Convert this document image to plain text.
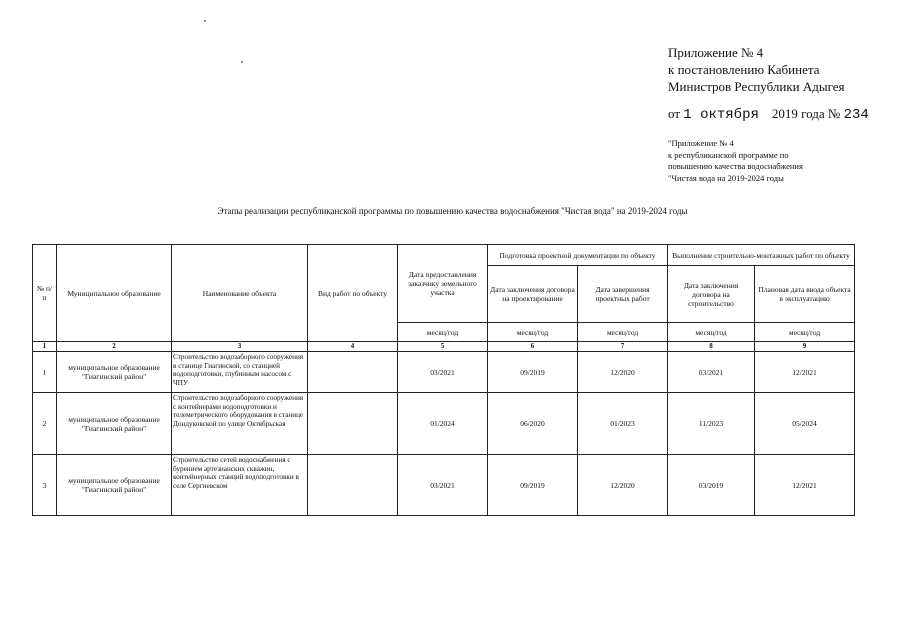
Приложение № 4
к постановлению Кабинета
Министров Республики Адыгея
от 1 октября 2019 года № 234
"Приложение № 4
к республиканской программе по
повышению качества водоснабжения
"Чистая вода на 2019-2024 годы
Этапы реализации республиканской программы по повышению качества водоснабжения "Чистая вода" на 2019-2024 годы
№ п/п	Муниципальное образование	Наименование объекта	Вид работ по объекту	Дата предоставления заказчику земельного участка	Подготовка проектной документации по объекту		Выполнение строительно-монтажных работ по объекту	
					Дата заключения договора на проектирование	Дата завершения проектных работ	Дата заключения договора на строительство	Плановая дата ввода объекта в эксплуатацию
				месяц/год	месяц/год	месяц/год	месяц/год	месяц/год
1	2	3	4	5	6	7	8	9
1	муниципальное образование "Гиагинский район"	Строительство водозаборного сооружения в станице Гиагинской, со станцией водоподготовки, глубинным насосом с ЧПУ		03/2021	09/2019	12/2020	03/2021	12/2021
2	муниципальное образование "Гиагинский район"	Строительство водозаборного сооружения с контейнерами водоподготовки и телеметрического оборудования в станице Дондуковской по улице Октябрьская		01/2024	06/2020	01/2023	11/2023	05/2024
3	муниципальное образование "Гиагинский район"	Строительство сетей водоснабжения с бурением артезианских скважин, контейнерных станций водоподготовки в селе Сергиевском		03/2021	09/2019	12/2020	03/2019	12/2021
